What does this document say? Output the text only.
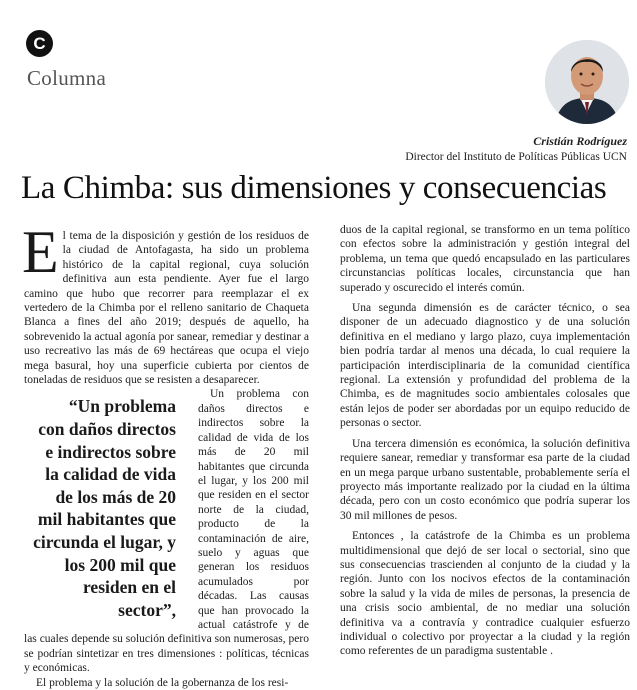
C
Columna
Cristián Rodríguez
Director del Instituto de Políticas Públicas UCN
La Chimba: sus dimensiones y consecuencias

El tema de la disposición y gestión de los residuos de la ciudad de Antofagasta, ha sido un problema histórico de la capital regional, cuya solución definitiva aun esta pendiente. Ayer fue el largo camino que hubo que recorrer para reemplazar el ex vertedero de la Chimba por el relleno sanitario de Chaqueta Blanca a fines del año 2019; después de aquello, ha sobrevenido la actual agonía por sanear, remediar y destinar a uso recreativo las más de 69 hectáreas que ocupa el viejo mega basural, hoy una superficie cubierta por cientos de toneladas de residuos que se resisten a desaparecer.

“Un problema con daños directos e indirectos sobre la calidad de vida de los más de 20 mil habitantes que circunda el lugar, y los 200 mil que residen en el sector”,
Un problema con daños directos e indirectos sobre la calidad de vida de los más de 20 mil habitantes que circunda el lugar, y los 200 mil que residen en el sector norte de la ciudad, producto de la contaminación de aire, suelo y aguas que generan los residuos acumulados por décadas. Las causas que han provocado la actual catástrofe y de las cuales depende su solución definitiva son numerosas, pero se podrían sintetizar en tres dimensiones : políticas, técnicas y económicas.

El problema y la solución de la gobernanza de los resi-

duos de la capital regional, se transformo en un tema político con efectos sobre la administración y gestión integral del problema, un tema que quedó encapsulado en las particulares circunstancias políticas locales, circunstancia que han superado y oscurecido el interés común.

Una segunda dimensión es de carácter técnico, o sea disponer de un adecuado diagnostico y de una solución definitiva en el mediano y largo plazo, cuya implementación bien podría tardar al menos una década, lo cual requiere la participación interdisciplinaria de la comunidad científica regional. La extensión y profundidad del problema de la Chimba, es de magnitudes socio ambientales colosales que están lejos de poder ser abordadas por un equipo reducido de personas o sector.

Una tercera dimensión es económica, la solución definitiva requiere sanear, remediar y transformar esa parte de la ciudad en un mega parque urbano sustentable, probablemente sería el proyecto más importante realizado por la ciudad en la última década, pero con un costo económico que podría superar los 30 mil millones de pesos.

Entonces , la catástrofe de la Chimba es un problema multidimensional que dejó de ser local o sectorial, sino que sus consecuencias trascienden al conjunto de la ciudad y la región. Junto con los nocivos efectos de la contaminación sobre la salud y la vida de miles de personas, la presencia de una crisis socio ambiental, de no mediar una solución definitiva va a contravía y contradice cualquier esfuerzo individual o colectivo por proyectar a la ciudad y la región como referentes de un paradigma sustentable .
